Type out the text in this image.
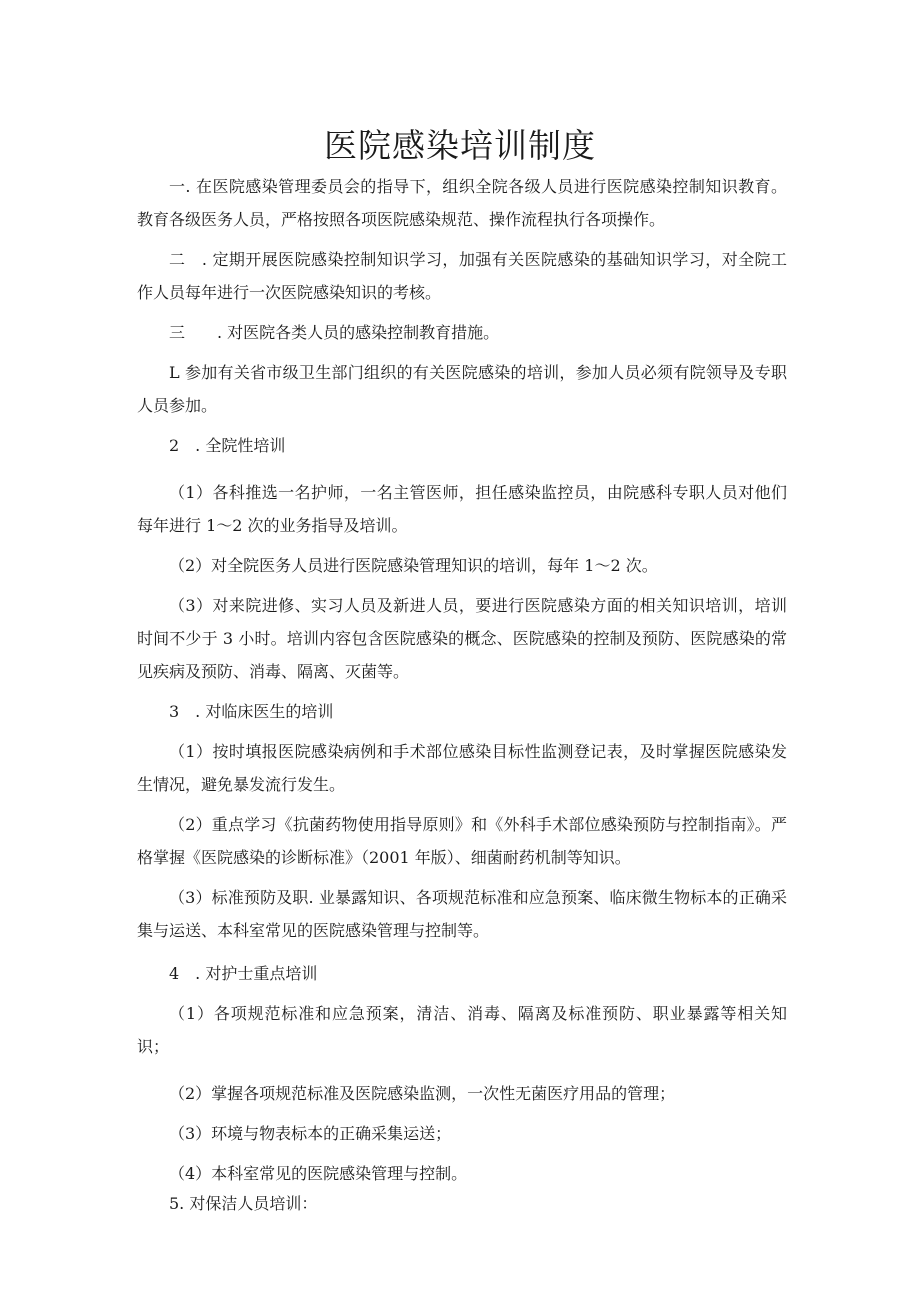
医院感染培训制度

一. 在医院感染管理委员会的指导下，组织全院各级人员进行医院感染控制知识教育。教育各级医务人员，严格按照各项医院感染规范、操作流程执行各项操作。

二　. 定期开展医院感染控制知识学习，加强有关医院感染的基础知识学习，对全院工作人员每年进行一次医院感染知识的考核。

三　　. 对医院各类人员的感染控制教育措施。

L 参加有关省市级卫生部门组织的有关医院感染的培训，参加人员必须有院领导及专职人员参加。

2　. 全院性培训

（1）各科推选一名护师，一名主管医师，担任感染监控员，由院感科专职人员对他们每年进行 1～2 次的业务指导及培训。

（2）对全院医务人员进行医院感染管理知识的培训，每年 1～2 次。

（3）对来院进修、实习人员及新进人员，要进行医院感染方面的相关知识培训，培训时间不少于 3 小时。培训内容包含医院感染的概念、医院感染的控制及预防、医院感染的常见疾病及预防、消毒、隔离、灭菌等。

3　. 对临床医生的培训

（1）按时填报医院感染病例和手术部位感染目标性监测登记表，及时掌握医院感染发生情况，避免暴发流行发生。

（2）重点学习《抗菌药物使用指导原则》和《外科手术部位感染预防与控制指南》。严格掌握《医院感染的诊断标准》（2001 年版）、细菌耐药机制等知识。

（3）标准预防及职. 业暴露知识、各项规范标准和应急预案、临床微生物标本的正确采集与运送、本科室常见的医院感染管理与控制等。

4　. 对护士重点培训

（1）各项规范标准和应急预案，清洁、消毒、隔离及标准预防、职业暴露等相关知识；

（2）掌握各项规范标准及医院感染监测，一次性无菌医疗用品的管理；

（3）环境与物表标本的正确采集运送；

（4）本科室常见的医院感染管理与控制。

5. 对保洁人员培训：
